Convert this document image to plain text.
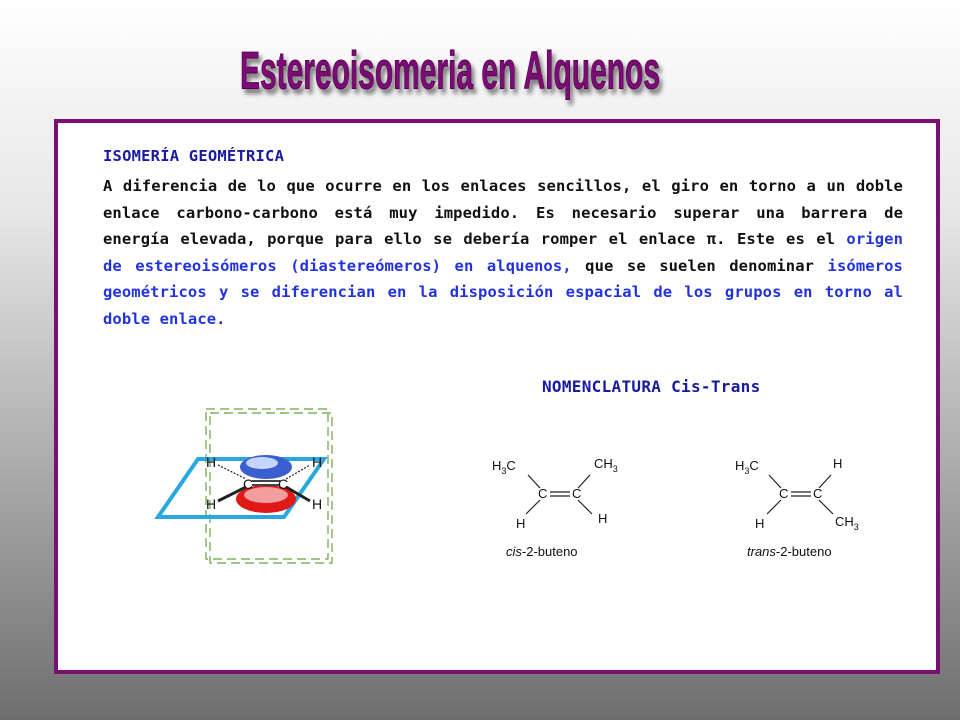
Estereoisomeria en Alquenos
ISOMERÍA GEOMÉTRICA
A diferencia de lo que ocurre en los enlaces sencillos, el giro en torno a un doble enlace carbono-carbono está muy impedido. Es necesario superar una barrera de energía elevada, porque para ello se debería romper el enlace π. Este es el origen de estereoisómeros (diastereómeros) en alquenos, que se suelen denominar isómeros geométricos y se diferencian en la disposición espacial de los grupos en torno al doble enlace.
NOMENCLATURA Cis-Trans
H	H
H	H
C C
$H_3C$	$CH_3$
C C
H	H
cis-2-buteno
$H_3C$	H
C C
H	$CH_3$
trans-2-buteno
